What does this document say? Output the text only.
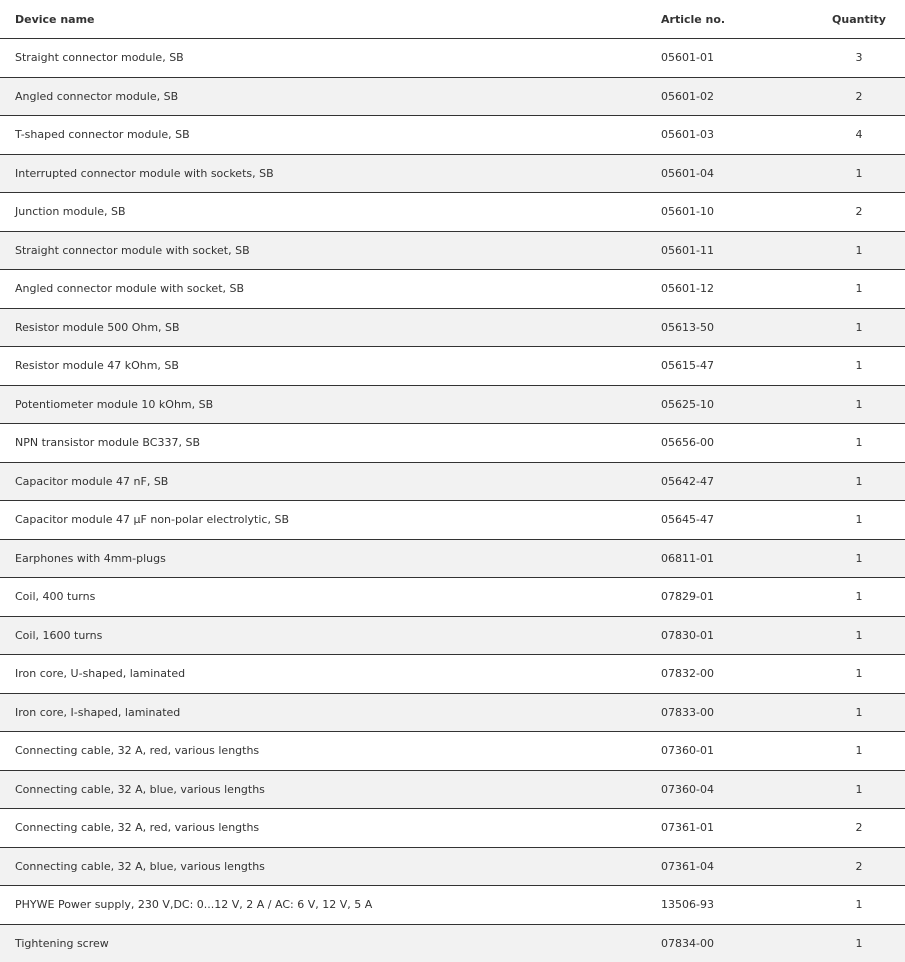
Device name	Article no.	Quantity
Straight connector module, SB	05601-01	3
Angled connector module, SB	05601-02	2
T-shaped connector module, SB	05601-03	4
Interrupted connector module with sockets, SB	05601-04	1
Junction module, SB	05601-10	2
Straight connector module with socket, SB	05601-11	1
Angled connector module with socket, SB	05601-12	1
Resistor module 500 Ohm, SB	05613-50	1
Resistor module 47 kOhm, SB	05615-47	1
Potentiometer module 10 kOhm, SB	05625-10	1
NPN transistor module BC337, SB	05656-00	1
Capacitor module 47 nF, SB	05642-47	1
Capacitor module 47 µF non-polar electrolytic, SB	05645-47	1
Earphones with 4mm-plugs	06811-01	1
Coil, 400 turns	07829-01	1
Coil, 1600 turns	07830-01	1
Iron core, U-shaped, laminated	07832-00	1
Iron core, I-shaped, laminated	07833-00	1
Connecting cable, 32 A, red, various lengths	07360-01	1
Connecting cable, 32 A, blue, various lengths	07360-04	1
Connecting cable, 32 A, red, various lengths	07361-01	2
Connecting cable, 32 A, blue, various lengths	07361-04	2
PHYWE Power supply, 230 V,DC: 0...12 V, 2 A / AC: 6 V, 12 V, 5 A	13506-93	1
Tightening screw	07834-00	1
